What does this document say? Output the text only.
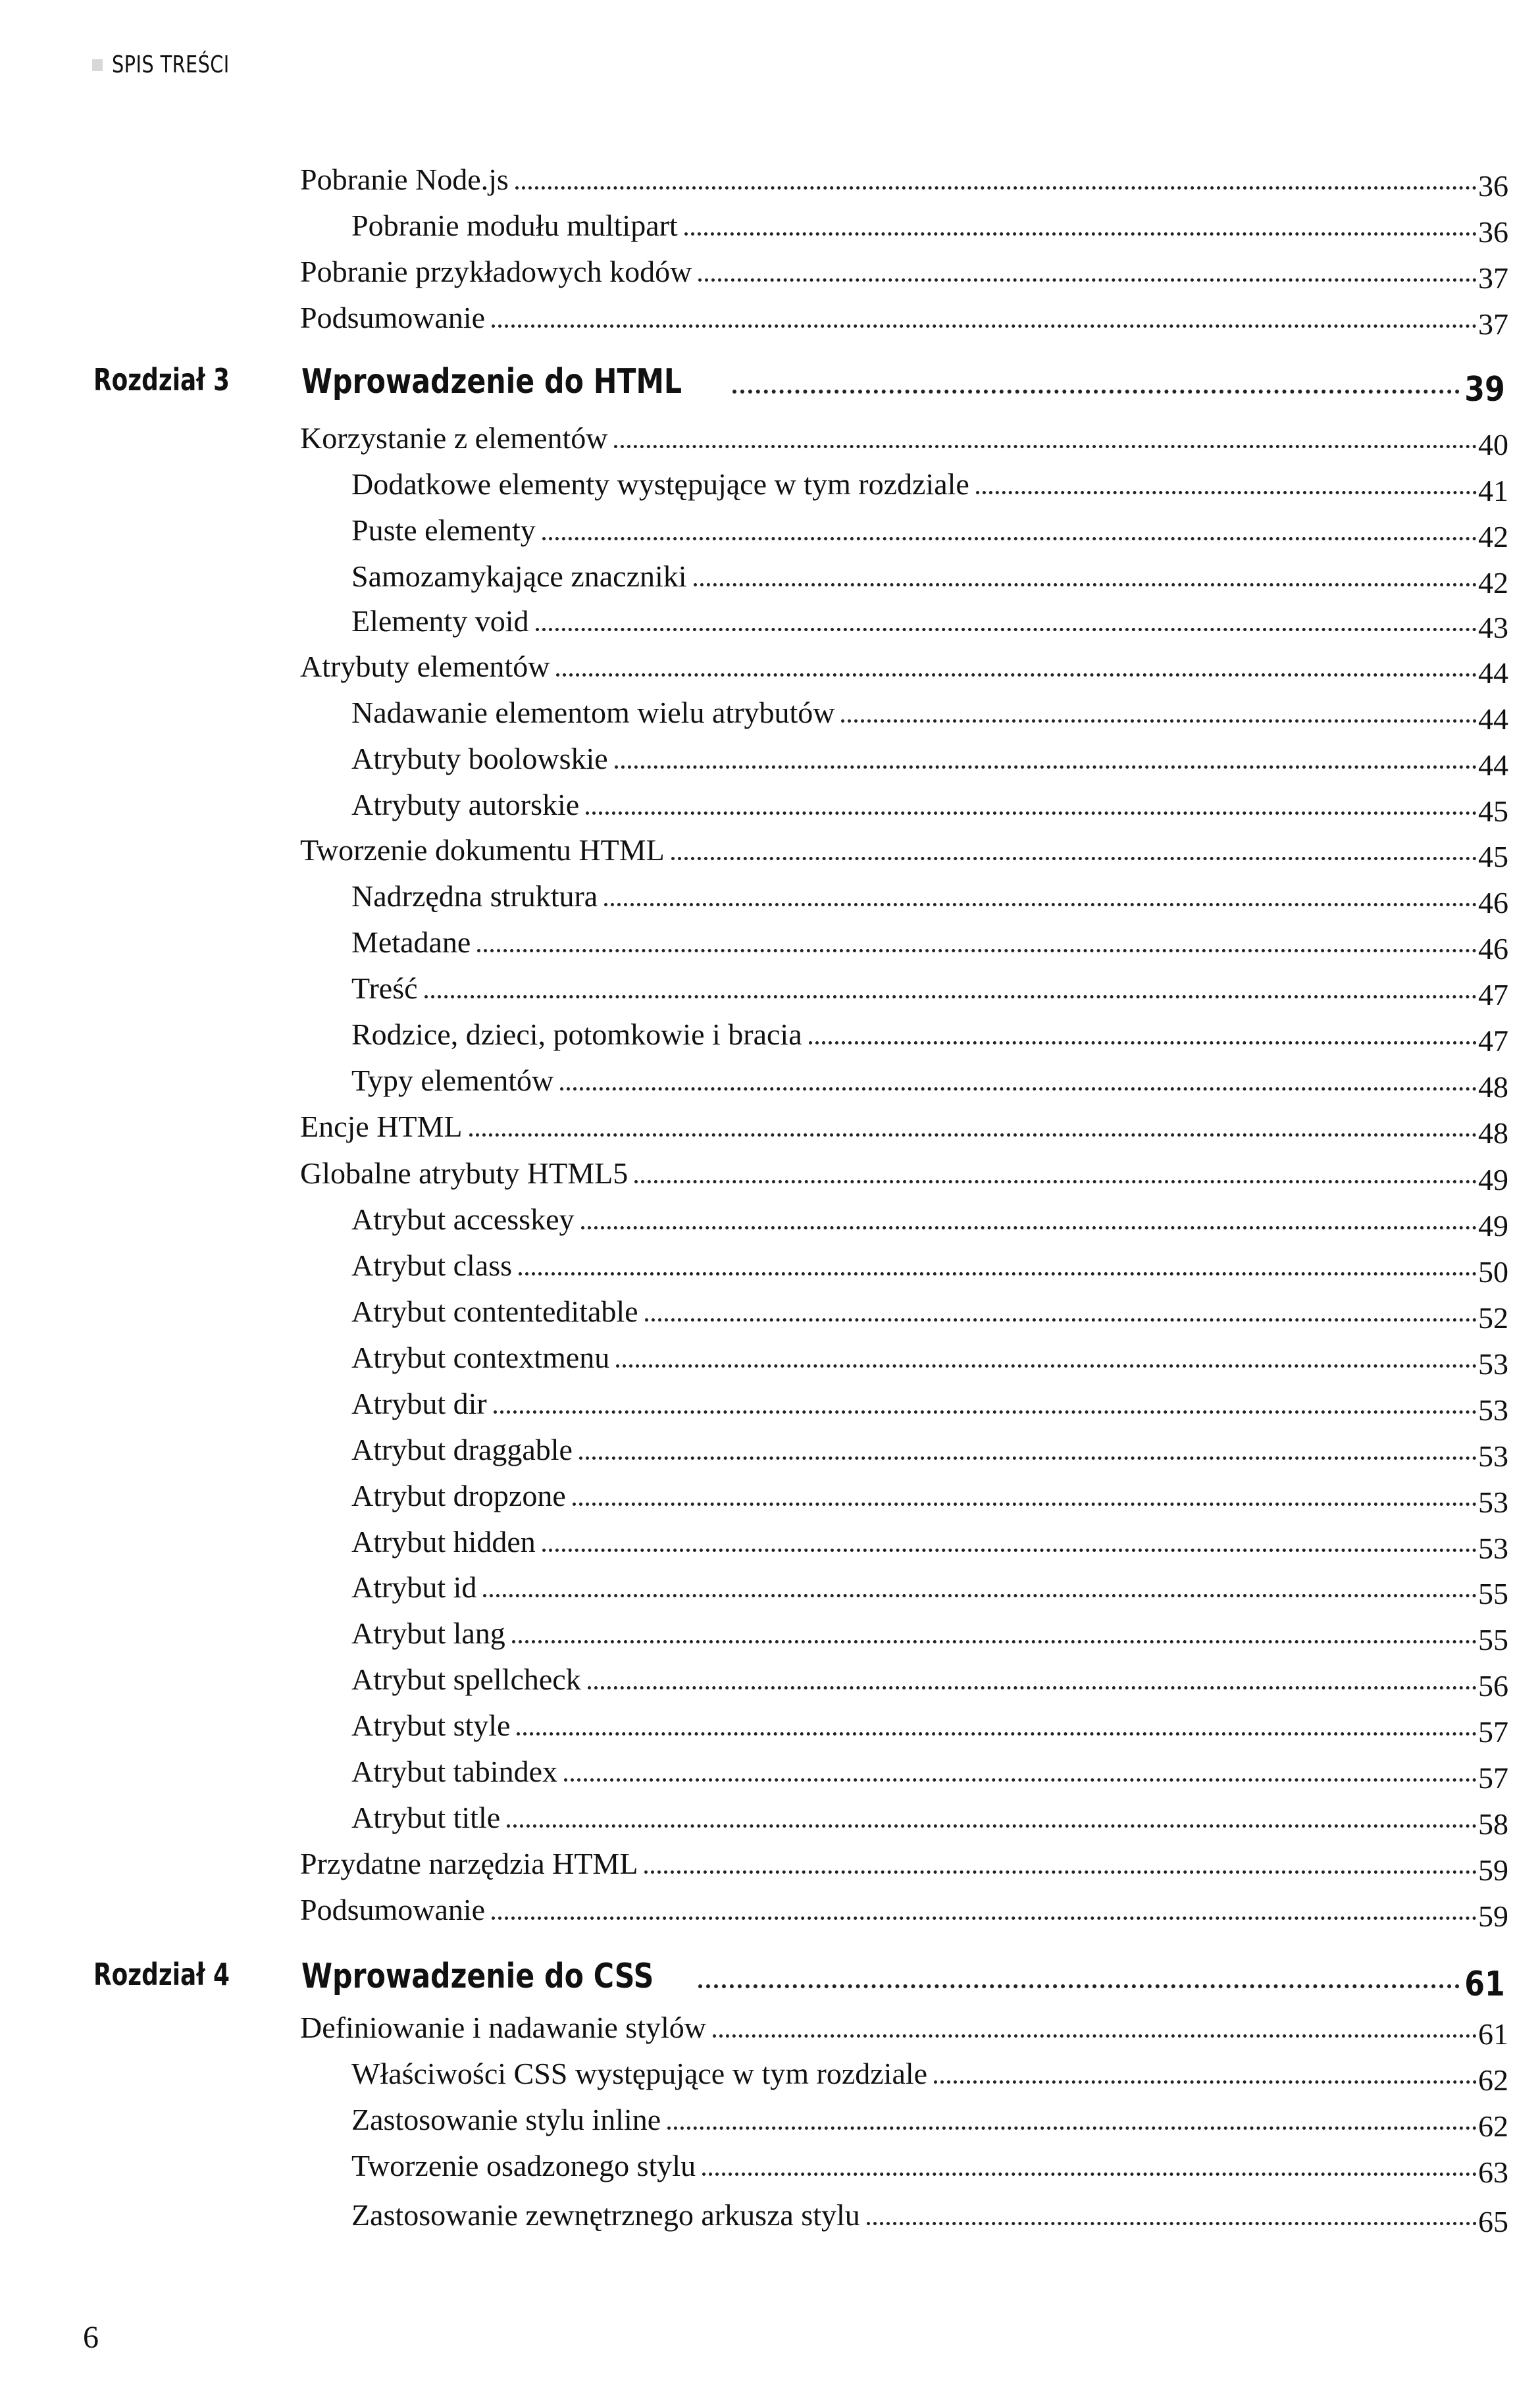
SPIS TREŚCI
Pobranie Node.js	36
Pobranie modułu multipart	36
Pobranie przykładowych kodów	37
Podsumowanie	37
Rozdział 3 Wprowadzenie do HTML	39
Korzystanie z elementów	40
Dodatkowe elementy występujące w tym rozdziale	41
Puste elementy	42
Samozamykające znaczniki	42
Elementy void	43
Atrybuty elementów	44
Nadawanie elementom wielu atrybutów	44
Atrybuty boolowskie	44
Atrybuty autorskie	45
Tworzenie dokumentu HTML	45
Nadrzędna struktura	46
Metadane	46
Treść	47
Rodzice, dzieci, potomkowie i bracia	47
Typy elementów	48
Encje HTML	48
Globalne atrybuty HTML5	49
Atrybut accesskey	49
Atrybut class	50
Atrybut contenteditable	52
Atrybut contextmenu	53
Atrybut dir	53
Atrybut draggable	53
Atrybut dropzone	53
Atrybut hidden	53
Atrybut id	55
Atrybut lang	55
Atrybut spellcheck	56
Atrybut style	57
Atrybut tabindex	57
Atrybut title	58
Przydatne narzędzia HTML	59
Podsumowanie	59
Rozdział 4 Wprowadzenie do CSS	61
Definiowanie i nadawanie stylów	61
Właściwości CSS występujące w tym rozdziale	62
Zastosowanie stylu inline	62
Tworzenie osadzonego stylu	63
Zastosowanie zewnętrznego arkusza stylu	65
6
